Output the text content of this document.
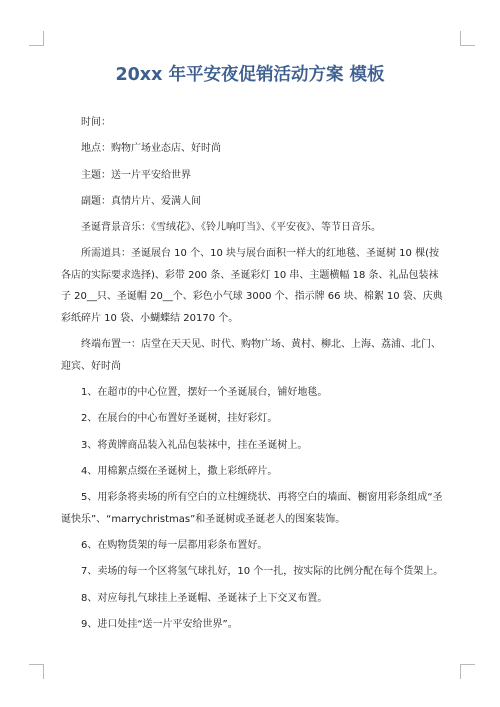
20xx 年平安夜促销活动方案 模板

时间：

地点：购物广场业态店、好时尚

主题：送一片平安给世界

副题：真情片片、爱满人间

圣诞背景音乐：《雪绒花》、《铃儿响叮当》、《平安夜》、等节日音乐。

所需道具：圣诞展台 10 个、10 块与展台面积一样大的红地毯、圣诞树 10 棵(按各店的实际要求选择)、彩带 200 条、圣诞彩灯 10 串、主题横幅 18 条、礼品包装袜子 20__只、圣诞帽 20__个、彩色小气球 3000 个、指示牌 66 块、棉絮 10 袋、庆典彩纸碎片 10 袋、小蝴蝶结 20170 个。

终端布置一：店堂在天天见、时代、购物广场、黄村、柳北、上海、荔浦、北门、迎宾、好时尚

1、在超市的中心位置，摆好一个圣诞展台，铺好地毯。

2、在展台的中心布置好圣诞树，挂好彩灯。

3、将黄牌商品装入礼品包装袜中，挂在圣诞树上。

4、用棉絮点缀在圣诞树上，撒上彩纸碎片。

5、用彩条将卖场的所有空白的立柱缠绕状、再将空白的墙面、橱窗用彩条组成“圣诞快乐”、“marrychristmas”和圣诞树或圣诞老人的图案装饰。

6、在购物货架的每一层都用彩条布置好。

7、卖场的每一个区将氢气球扎好，10 个一扎，按实际的比例分配在每个货架上。

8、对应每扎气球挂上圣诞帽、圣诞袜子上下交叉布置。

9、进口处挂“送一片平安给世界”。
